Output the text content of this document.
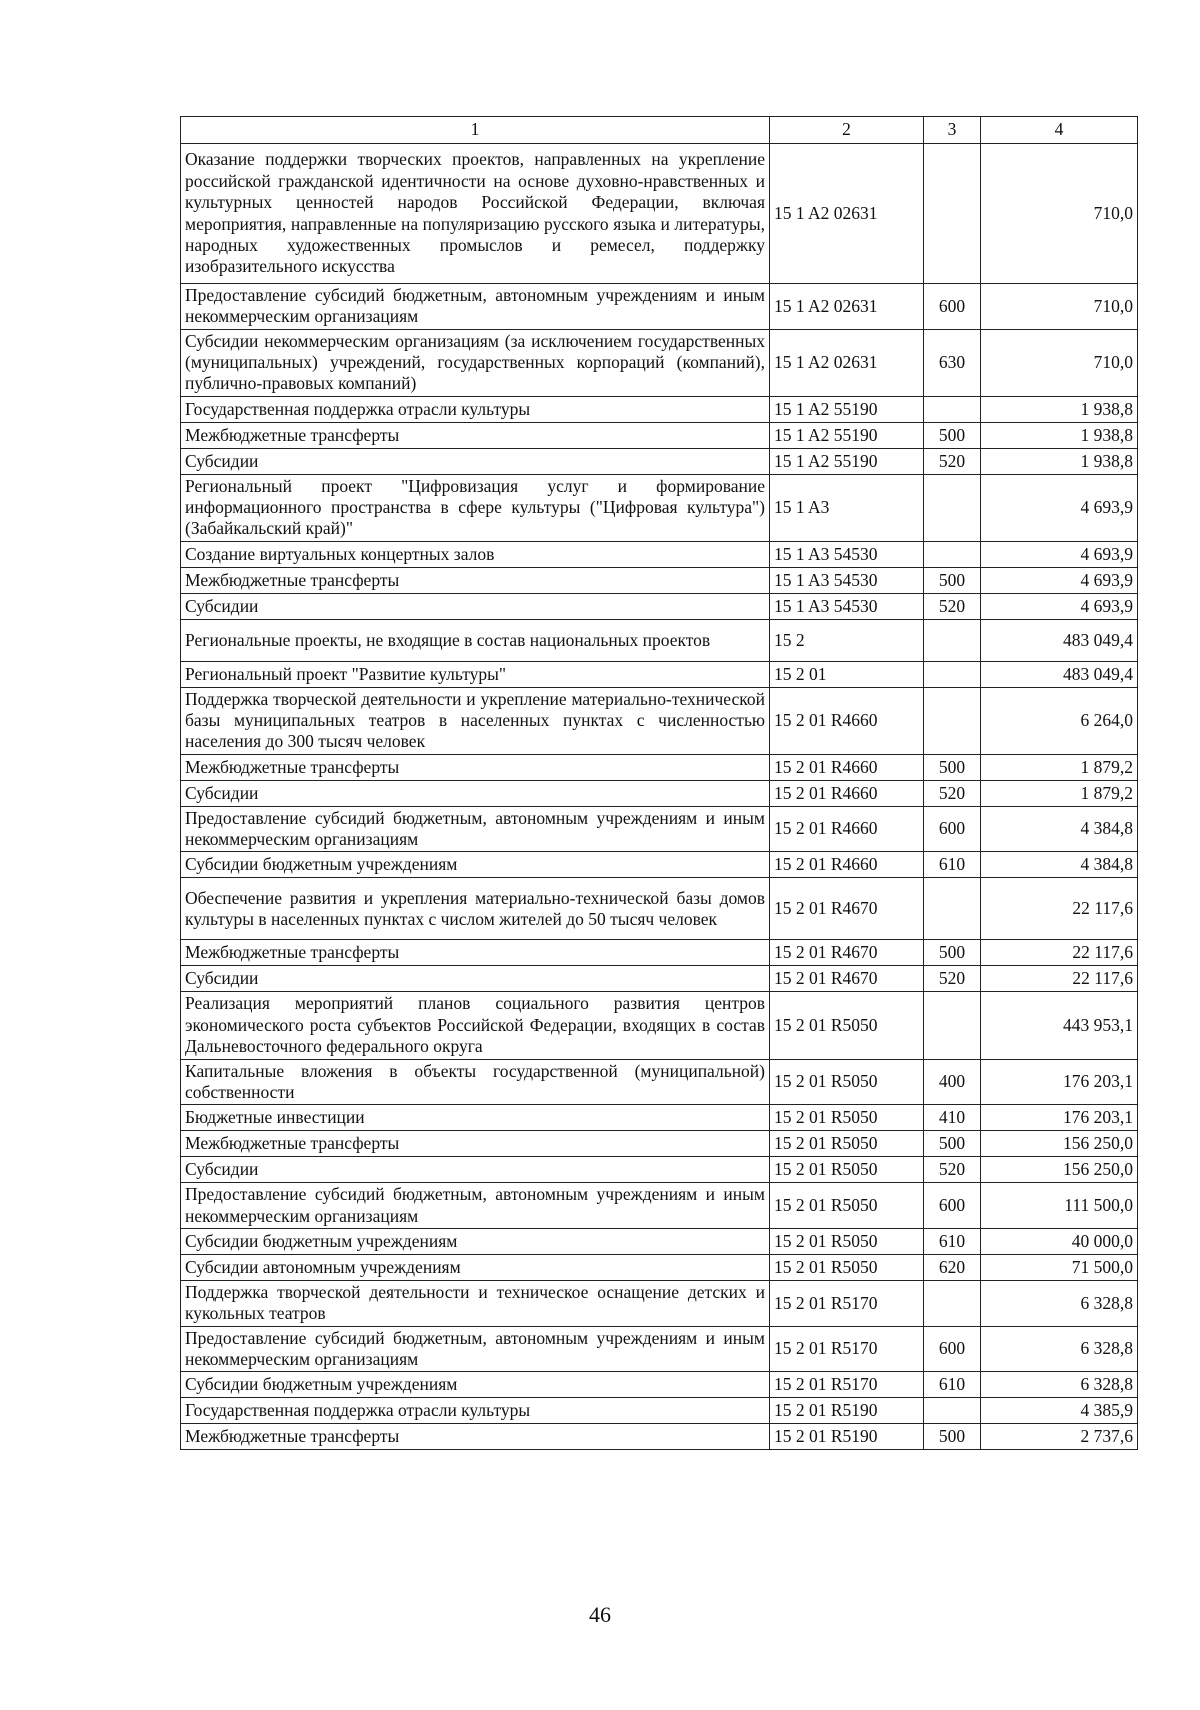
1	2	3	4
Оказание поддержки творческих проектов, направленных на укрепление российской гражданской идентичности на основе духовно-нравственных и культурных ценностей народов Российской Федерации, включая мероприятия, направленные на популяризацию русского языка и литературы, народных художественных промыслов и ремесел, поддержку изобразительного искусства	15 1 A2 02631		710,0
Предоставление субсидий бюджетным, автономным учреждениям и иным некоммерческим организациям	15 1 A2 02631	600	710,0
Субсидии некоммерческим организациям (за исключением государственных (муниципальных) учреждений, государственных корпораций (компаний), публично-правовых компаний)	15 1 A2 02631	630	710,0
Государственная поддержка отрасли культуры	15 1 A2 55190		1 938,8
Межбюджетные трансферты	15 1 A2 55190	500	1 938,8
Субсидии	15 1 A2 55190	520	1 938,8
Региональный проект "Цифровизация услуг и формирование информационного пространства в сфере культуры ("Цифровая культура") (Забайкальский край)"	15 1 A3		4 693,9
Создание виртуальных концертных залов	15 1 A3 54530		4 693,9
Межбюджетные трансферты	15 1 A3 54530	500	4 693,9
Субсидии	15 1 A3 54530	520	4 693,9
Региональные проекты, не входящие в состав национальных проектов	15 2		483 049,4
Региональный проект "Развитие культуры"	15 2 01		483 049,4
Поддержка творческой деятельности и укрепление материально-технической базы муниципальных театров в населенных пунктах с численностью населения до 300 тысяч человек	15 2 01 R4660		6 264,0
Межбюджетные трансферты	15 2 01 R4660	500	1 879,2
Субсидии	15 2 01 R4660	520	1 879,2
Предоставление субсидий бюджетным, автономным учреждениям и иным некоммерческим организациям	15 2 01 R4660	600	4 384,8
Субсидии бюджетным учреждениям	15 2 01 R4660	610	4 384,8
Обеспечение развития и укрепления материально-технической базы домов культуры в населенных пунктах с числом жителей до 50 тысяч человек	15 2 01 R4670		22 117,6
Межбюджетные трансферты	15 2 01 R4670	500	22 117,6
Субсидии	15 2 01 R4670	520	22 117,6
Реализация мероприятий планов социального развития центров экономического роста субъектов Российской Федерации, входящих в состав Дальневосточного федерального округа	15 2 01 R5050		443 953,1
Капитальные вложения в объекты государственной (муниципальной) собственности	15 2 01 R5050	400	176 203,1
Бюджетные инвестиции	15 2 01 R5050	410	176 203,1
Межбюджетные трансферты	15 2 01 R5050	500	156 250,0
Субсидии	15 2 01 R5050	520	156 250,0
Предоставление субсидий бюджетным, автономным учреждениям и иным некоммерческим организациям	15 2 01 R5050	600	111 500,0
Субсидии бюджетным учреждениям	15 2 01 R5050	610	40 000,0
Субсидии автономным учреждениям	15 2 01 R5050	620	71 500,0
Поддержка творческой деятельности и техническое оснащение детских и кукольных театров	15 2 01 R5170		6 328,8
Предоставление субсидий бюджетным, автономным учреждениям и иным некоммерческим организациям	15 2 01 R5170	600	6 328,8
Субсидии бюджетным учреждениям	15 2 01 R5170	610	6 328,8
Государственная поддержка отрасли культуры	15 2 01 R5190		4 385,9
Межбюджетные трансферты	15 2 01 R5190	500	2 737,6
46
